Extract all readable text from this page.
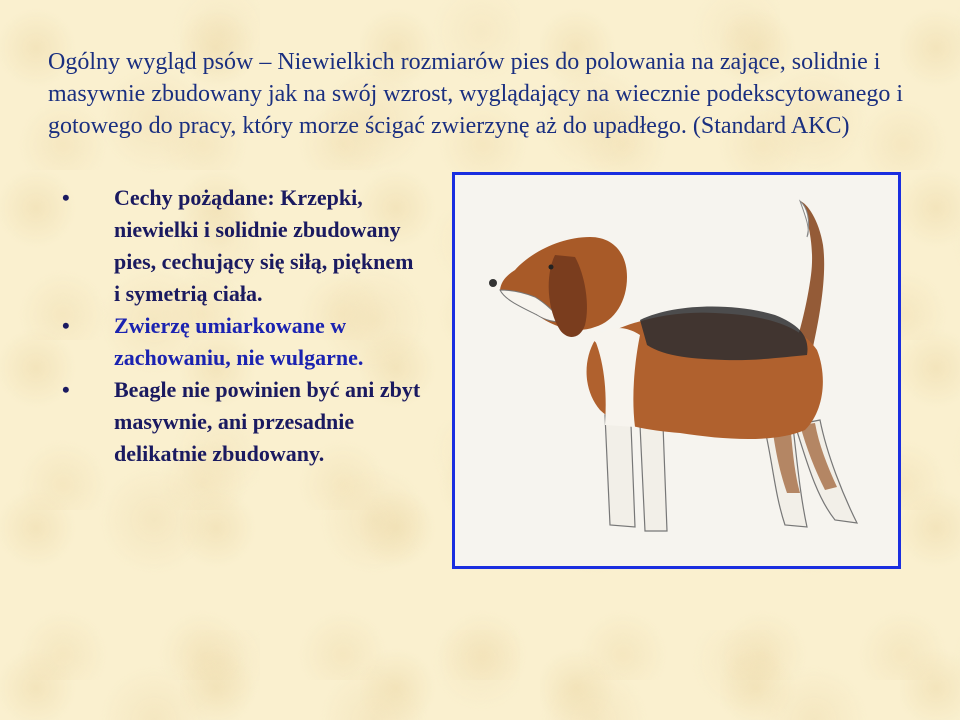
Ogólny wygląd psów – Niewielkich rozmiarów pies do polowania na zające, solidnie i masywnie zbudowany jak na swój wzrost, wyglądający na wiecznie podekscytowanego i gotowego do pracy, który morze ścigać zwierzynę aż do upadłego. (Standard AKC)

•	Cechy pożądane: Krzepki, niewielki i solidnie zbudowany pies, cechujący się siłą, pięknem i symetrią ciała.
•	Zwierzę umiarkowane w zachowaniu, nie wulgarne.
•	Beagle nie powinien być ani zbyt masywnie, ani przesadnie delikatnie zbudowany.
